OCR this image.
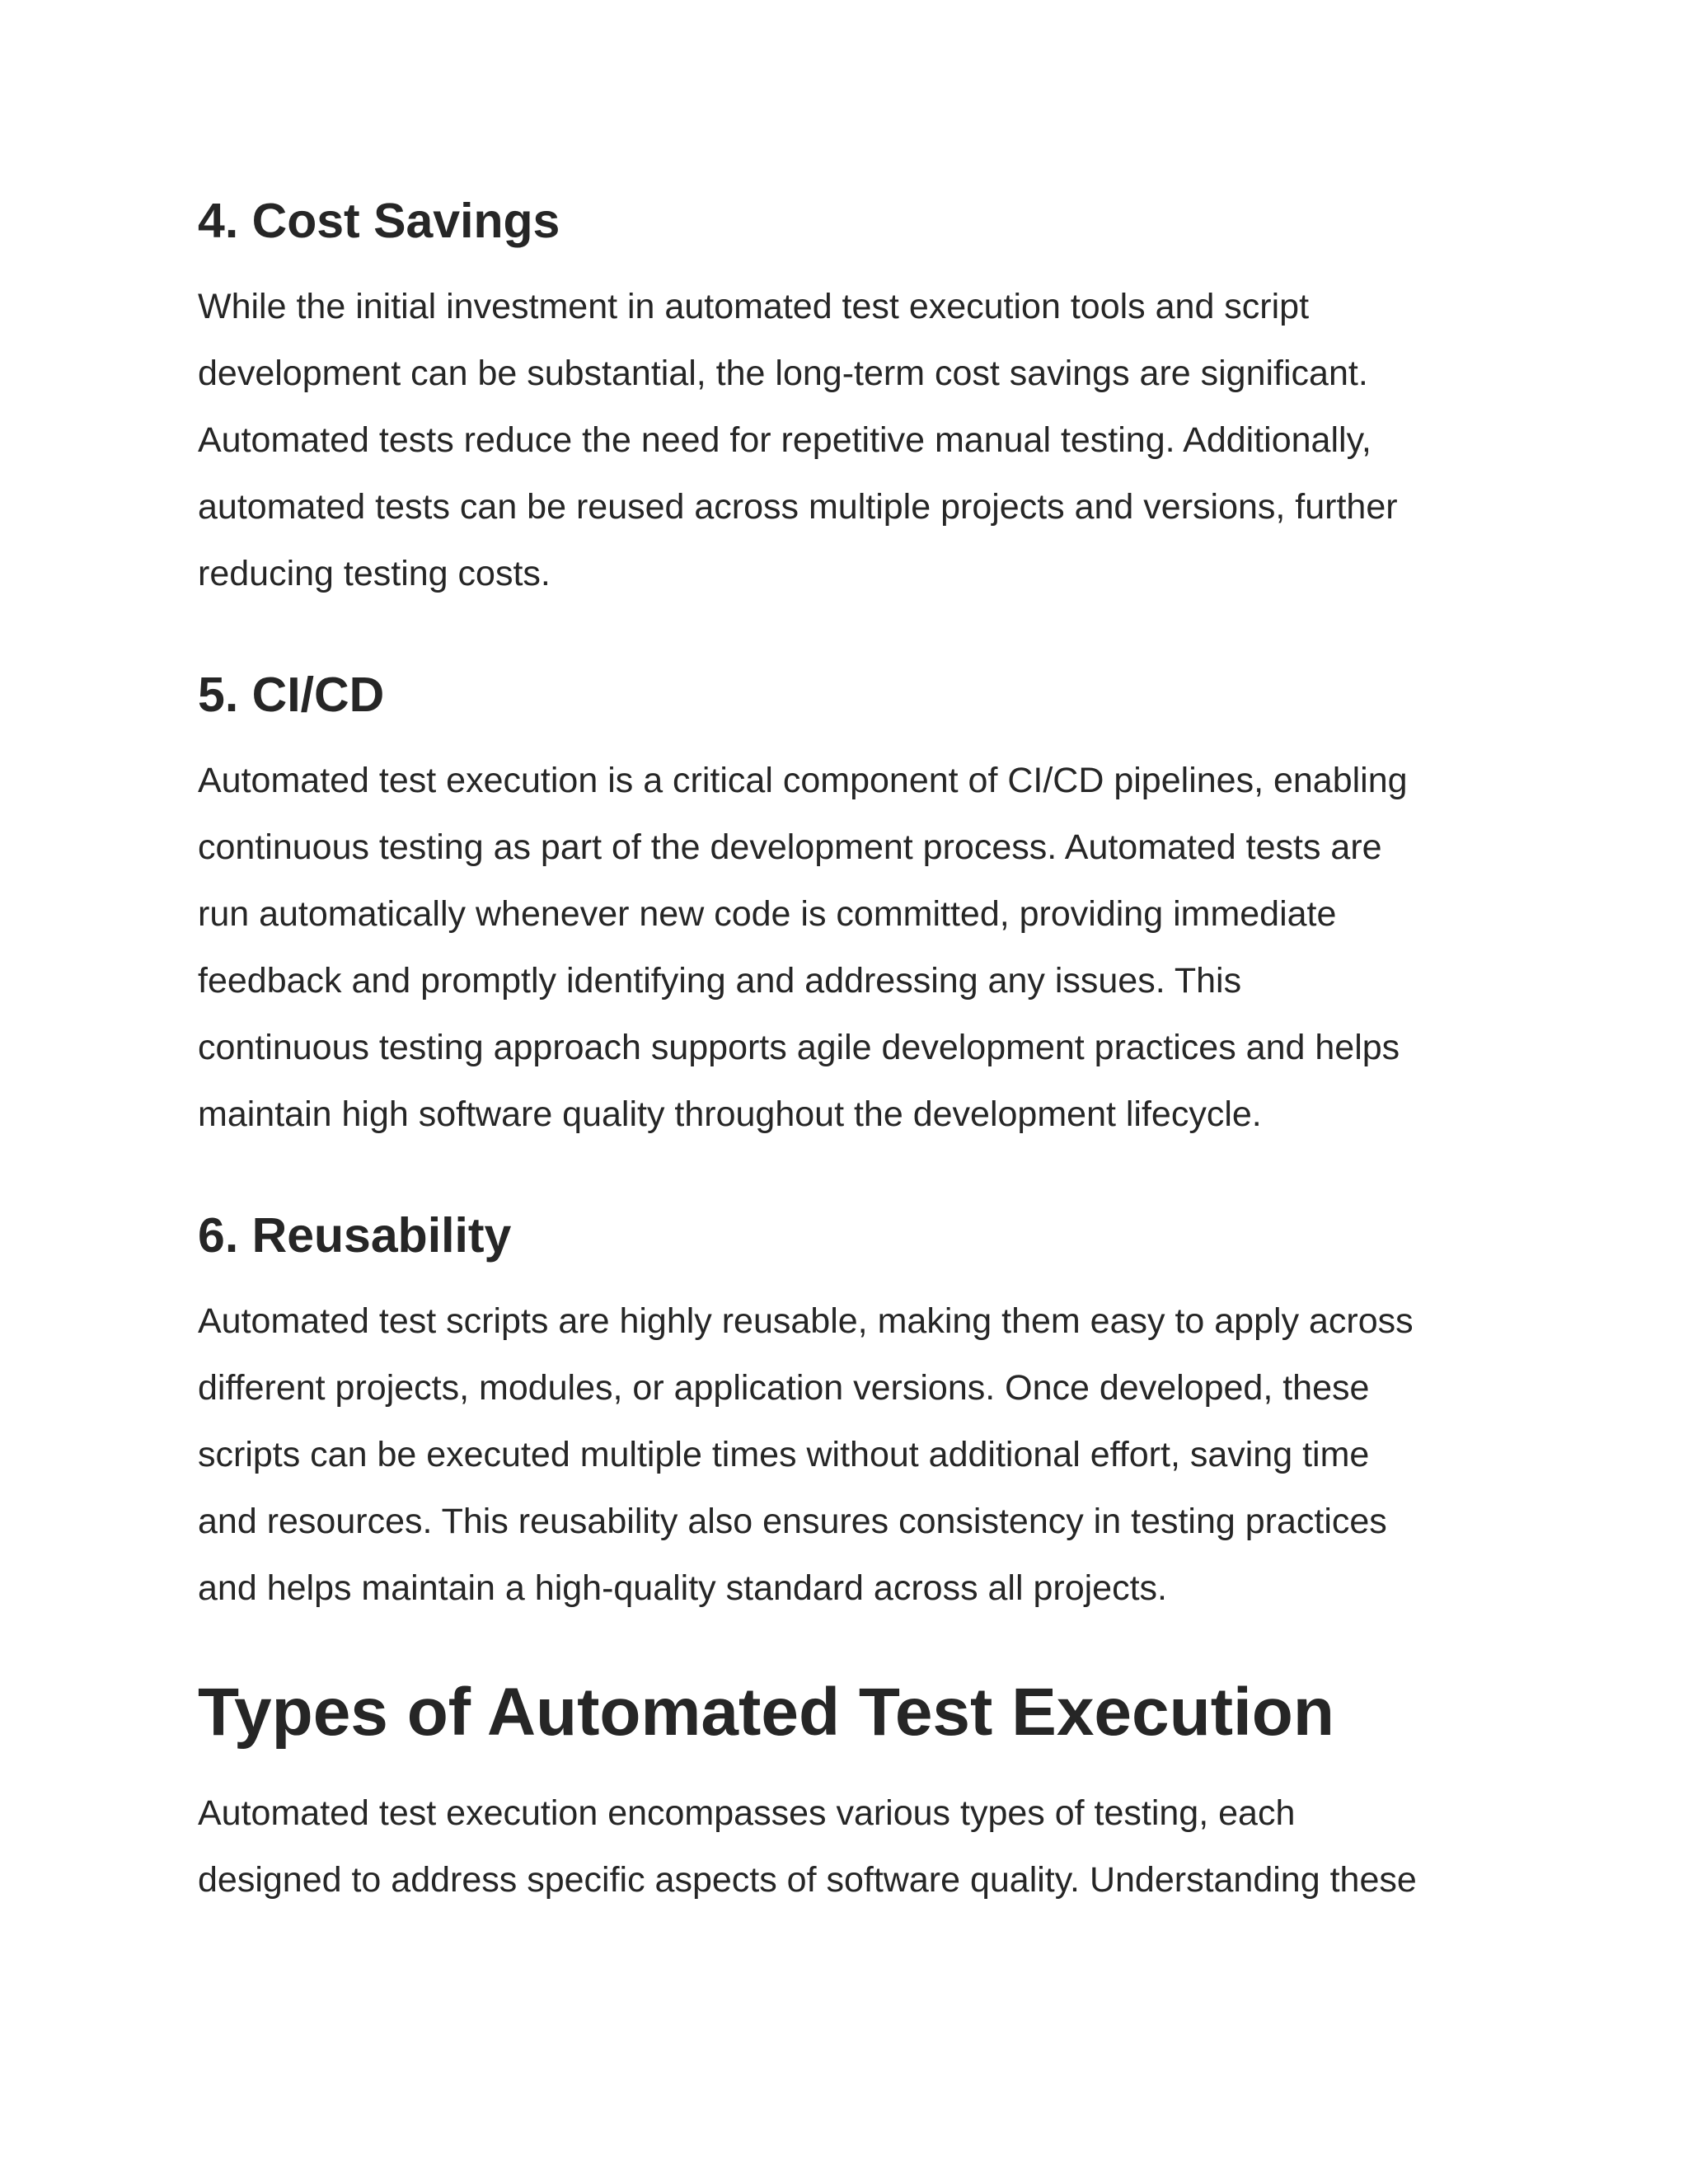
4. Cost Savings

While the initial investment in automated test execution tools and script
development can be substantial, the long-term cost savings are significant.
Automated tests reduce the need for repetitive manual testing. Additionally,
automated tests can be reused across multiple projects and versions, further
reducing testing costs.

5. CI/CD

Automated test execution is a critical component of CI/CD pipelines, enabling
continuous testing as part of the development process. Automated tests are
run automatically whenever new code is committed, providing immediate
feedback and promptly identifying and addressing any issues. This
continuous testing approach supports agile development practices and helps
maintain high software quality throughout the development lifecycle.

6. Reusability

Automated test scripts are highly reusable, making them easy to apply across
different projects, modules, or application versions. Once developed, these
scripts can be executed multiple times without additional effort, saving time
and resources. This reusability also ensures consistency in testing practices
and helps maintain a high-quality standard across all projects.

Types of Automated Test Execution

Automated test execution encompasses various types of testing, each
designed to address specific aspects of software quality. Understanding these
